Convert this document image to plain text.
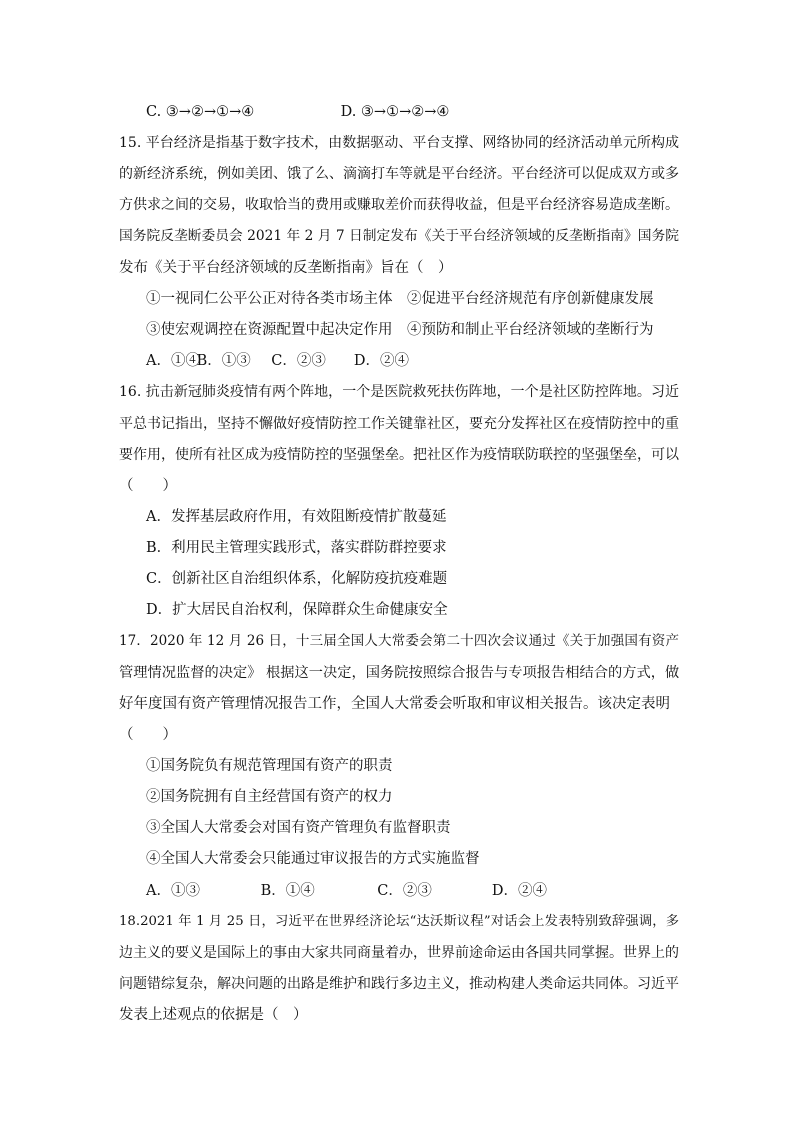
C. ③→②→①→④	D. ③→①→②→④
15. 平台经济是指基于数字技术，由数据驱动、平台支撑、网络协同的经济活动单元所构成
的新经济系统，例如美团、饿了么、滴滴打车等就是平台经济。平台经济可以促成双方或多
方供求之间的交易，收取恰当的费用或赚取差价而获得收益，但是平台经济容易造成垄断。
国务院反垄断委员会 2021 年 2 月 7 日制定发布《关于平台经济领域的反垄断指南》国务院
发布《关于平台经济领域的反垄断指南》旨在（　）
①一视同仁公平公正对待各类市场主体　②促进平台经济规范有序创新健康发展
③使宏观调控在资源配置中起决定作用　④预防和制止平台经济领域的垄断行为
A．①④ B．①③ C．②③ D．②④
16. 抗击新冠肺炎疫情有两个阵地，一个是医院救死扶伤阵地，一个是社区防控阵地。习近
平总书记指出，坚持不懈做好疫情防控工作关键靠社区，要充分发挥社区在疫情防控中的重
要作用，使所有社区成为疫情防控的坚强堡垒。把社区作为疫情联防联控的坚强堡垒，可以
（　　）
A．发挥基层政府作用，有效阻断疫情扩散蔓延
B．利用民主管理实践形式，落实群防群控要求
C．创新社区自治组织体系，化解防疫抗疫难题
D．扩大居民自治权利，保障群众生命健康安全
17．2020 年 12 月 26 日，十三届全国人大常委会第二十四次会议通过《关于加强国有资产
管理情况监督的决定》 根据这一决定，国务院按照综合报告与专项报告相结合的方式，做
好年度国有资产管理情况报告工作，全国人大常委会听取和审议相关报告。该决定表明
（　　）
①国务院负有规范管理国有资产的职责
②国务院拥有自主经营国有资产的权力
③全国人大常委会对国有资产管理负有监督职责
④全国人大常委会只能通过审议报告的方式实施监督
A．①③	B．①④	C．②③	D．②④
18.2021 年 1 月 25 日，习近平在世界经济论坛“达沃斯议程”对话会上发表特别致辞强调，多
边主义的要义是国际上的事由大家共同商量着办，世界前途命运由各国共同掌握。世界上的
问题错综复杂，解决问题的出路是维护和践行多边主义，推动构建人类命运共同体。习近平
发表上述观点的依据是（　）
